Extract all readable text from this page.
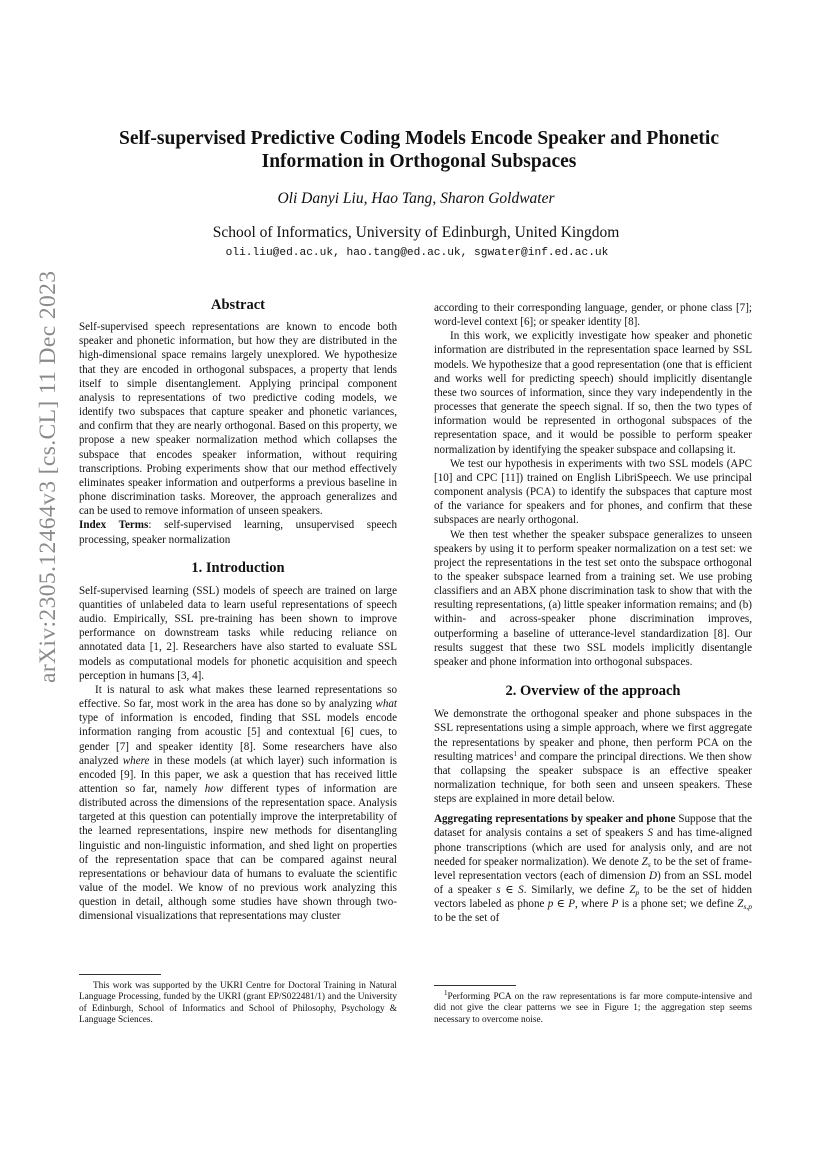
arXiv:2305.12464v3 [cs.CL] 11 Dec 2023
Self-supervised Predictive Coding Models Encode Speaker and Phonetic
Information in Orthogonal Subspaces
Oli Danyi Liu, Hao Tang, Sharon Goldwater
School of Informatics, University of Edinburgh, United Kingdom
oli.liu@ed.ac.uk, hao.tang@ed.ac.uk, sgwater@inf.ed.ac.uk
Abstract

Self-supervised speech representations are known to encode both speaker and phonetic information, but how they are distributed in the high-dimensional space remains largely unexplored. We hypothesize that they are encoded in orthogonal subspaces, a property that lends itself to simple disentanglement. Applying principal component analysis to representations of two predictive coding models, we identify two subspaces that capture speaker and phonetic variances, and confirm that they are nearly orthogonal. Based on this property, we propose a new speaker normalization method which collapses the subspace that encodes speaker information, without requiring transcriptions. Probing experiments show that our method effectively eliminates speaker information and outperforms a previous baseline in phone discrimination tasks. Moreover, the approach generalizes and can be used to remove information of unseen speakers.

Index Terms: self-supervised learning, unsupervised speech processing, speaker normalization

1. Introduction

Self-supervised learning (SSL) models of speech are trained on large quantities of unlabeled data to learn useful representations of speech audio. Empirically, SSL pre-training has been shown to improve performance on downstream tasks while reducing reliance on annotated data [1, 2]. Researchers have also started to evaluate SSL models as computational models for phonetic acquisition and speech perception in humans [3, 4].

It is natural to ask what makes these learned representations so effective. So far, most work in the area has done so by analyzing what type of information is encoded, finding that SSL models encode information ranging from acoustic [5] and contextual [6] cues, to gender [7] and speaker identity [8]. Some researchers have also analyzed where in these models (at which layer) such information is encoded [9]. In this paper, we ask a question that has received little attention so far, namely how different types of information are distributed across the dimensions of the representation space. Analysis targeted at this question can potentially improve the interpretability of the learned representations, inspire new methods for disentangling linguistic and non-linguistic information, and shed light on properties of the representation space that can be compared against neural representations or behaviour data of humans to evaluate the scientific value of the model. We know of no previous work analyzing this question in detail, although some studies have shown through two-dimensional visualizations that representations may cluster

This work was supported by the UKRI Centre for Doctoral Training in Natural Language Processing, funded by the UKRI (grant EP/S022481/1) and the University of Edinburgh, School of Informatics and School of Philosophy, Psychology & Language Sciences.

according to their corresponding language, gender, or phone class [7]; word-level context [6]; or speaker identity [8].

In this work, we explicitly investigate how speaker and phonetic information are distributed in the representation space learned by SSL models. We hypothesize that a good representation (one that is efficient and works well for predicting speech) should implicitly disentangle these two sources of information, since they vary independently in the processes that generate the speech signal. If so, then the two types of information would be represented in orthogonal subspaces of the representation space, and it would be possible to perform speaker normalization by identifying the speaker subspace and collapsing it.

We test our hypothesis in experiments with two SSL models (APC [10] and CPC [11]) trained on English LibriSpeech. We use principal component analysis (PCA) to identify the subspaces that capture most of the variance for speakers and for phones, and confirm that these subspaces are nearly orthogonal.

We then test whether the speaker subspace generalizes to unseen speakers by using it to perform speaker normalization on a test set: we project the representations in the test set onto the subspace orthogonal to the speaker subspace learned from a training set. We use probing classifiers and an ABX phone discrimination task to show that with the resulting representations, (a) little speaker information remains; and (b) within- and across-speaker phone discrimination improves, outperforming a baseline of utterance-level standardization [8]. Our results suggest that these two SSL models implicitly disentangle speaker and phone information into orthogonal subspaces.

2. Overview of the approach

We demonstrate the orthogonal speaker and phone subspaces in the SSL representations using a simple approach, where we first aggregate the representations by speaker and phone, then perform PCA on the resulting matrices$^1$ and compare the principal directions. We then show that collapsing the speaker subspace is an effective speaker normalization technique, for both seen and unseen speakers. These steps are explained in more detail below.

Aggregating representations by speaker and phone Suppose that the dataset for analysis contains a set of speakers S and has time-aligned phone transcriptions (which are used for analysis only, and are not needed for speaker normalization). We denote $Z_s$ to be the set of frame-level representation vectors (each of dimension D) from an SSL model of a speaker s ∈ S. Similarly, we define $Z_p$ to be the set of hidden vectors labeled as phone p ∈ P, where P is a phone set; we define $Z_{s,p}$ to be the set of

$^1$Performing PCA on the raw representations is far more compute-intensive and did not give the clear patterns we see in Figure 1; the aggregation step seems necessary to overcome noise.
